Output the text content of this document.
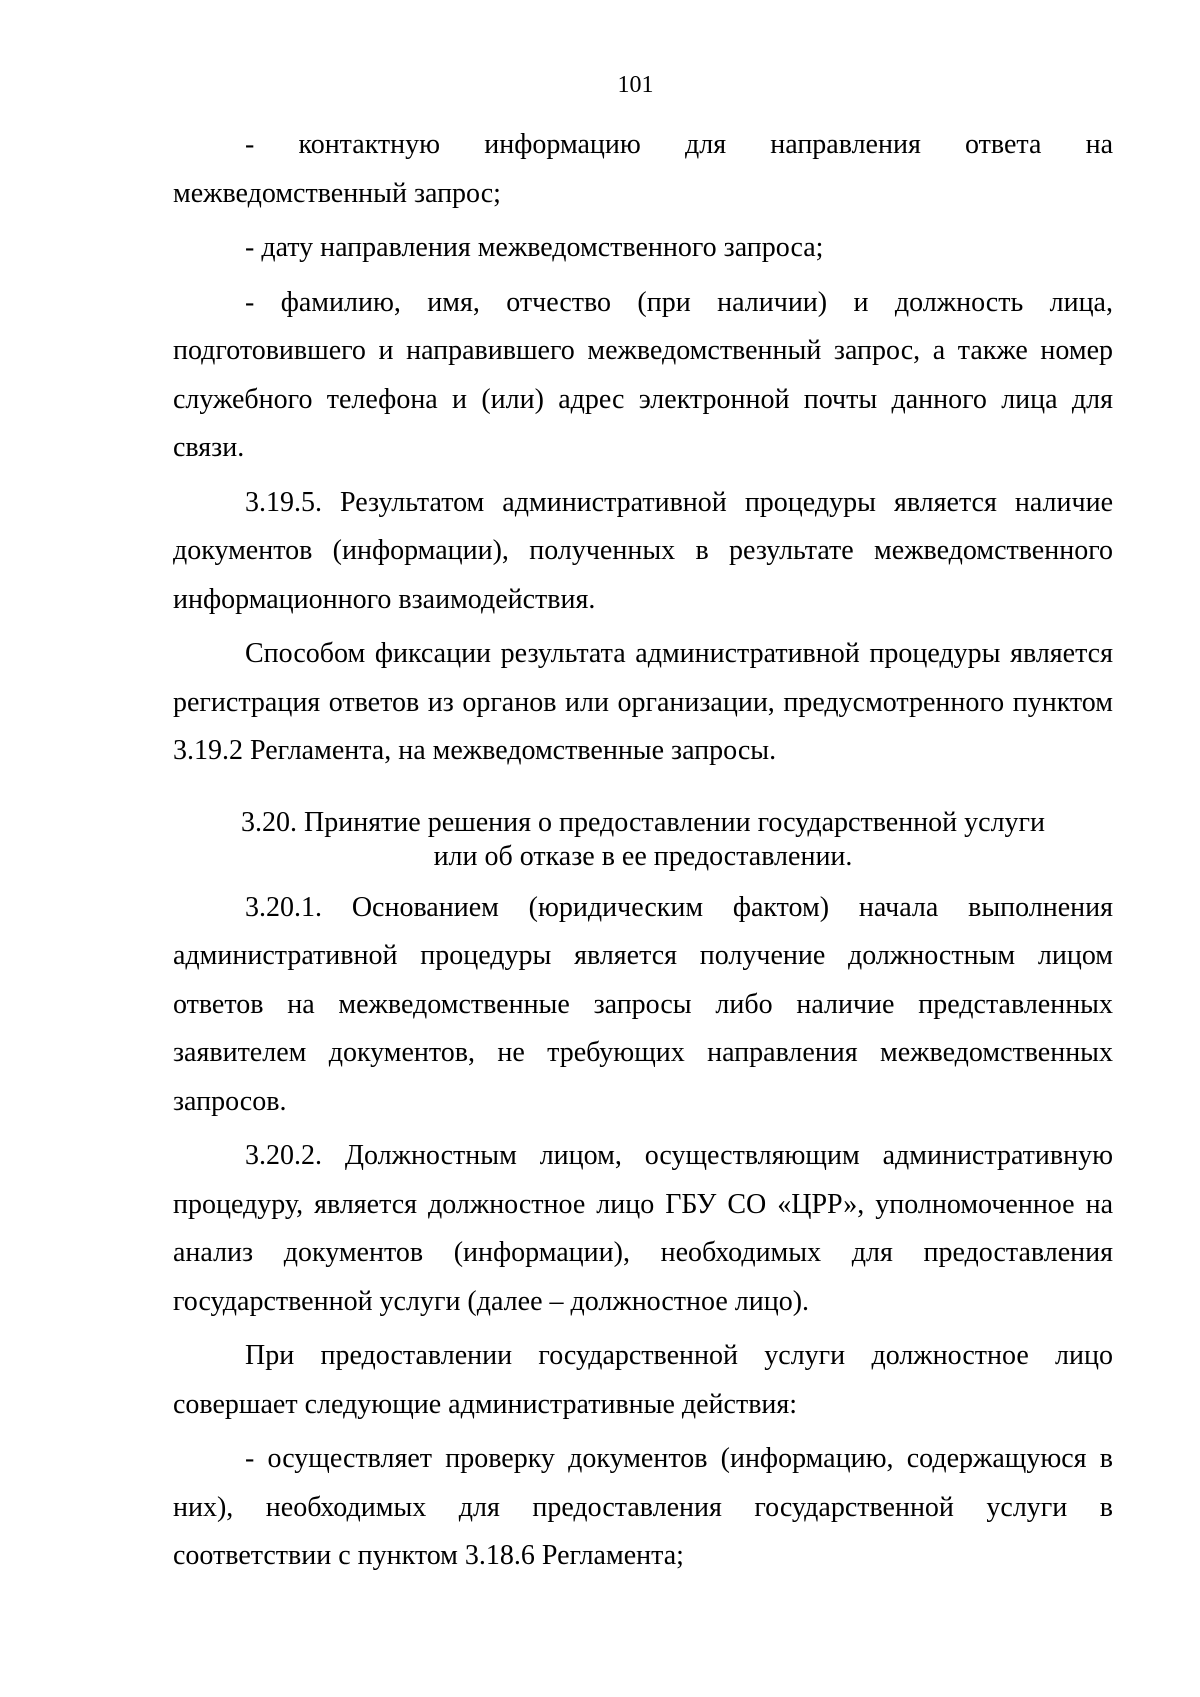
101

- контактную информацию для направления ответа на межведомственный запрос;

- дату направления межведомственного запроса;

- фамилию, имя, отчество (при наличии) и должность лица, подготовившего и направившего межведомственный запрос, а также номер служебного телефона и (или) адрес электронной почты данного лица для связи.

3.19.5. Результатом административной процедуры является наличие документов (информации), полученных в результате межведомственного информационного взаимодействия.

Способом фиксации результата административной процедуры является регистрация ответов из органов или организации, предусмотренного пунктом 3.19.2 Регламента, на межведомственные запросы.

3.20. Принятие решения о предоставлении государственной услуги
или об отказе в ее предоставлении.

3.20.1. Основанием (юридическим фактом) начала выполнения административной процедуры является получение должностным лицом ответов на межведомственные запросы либо наличие представленных заявителем документов, не требующих направления межведомственных запросов.

3.20.2. Должностным лицом, осуществляющим административную процедуру, является должностное лицо ГБУ СО «ЦРР», уполномоченное на анализ документов (информации), необходимых для предоставления государственной услуги (далее – должностное лицо).

При предоставлении государственной услуги должностное лицо совершает следующие административные действия:

- осуществляет проверку документов (информацию, содержащуюся в них), необходимых для предоставления государственной услуги в соответствии с пунктом 3.18.6 Регламента;
